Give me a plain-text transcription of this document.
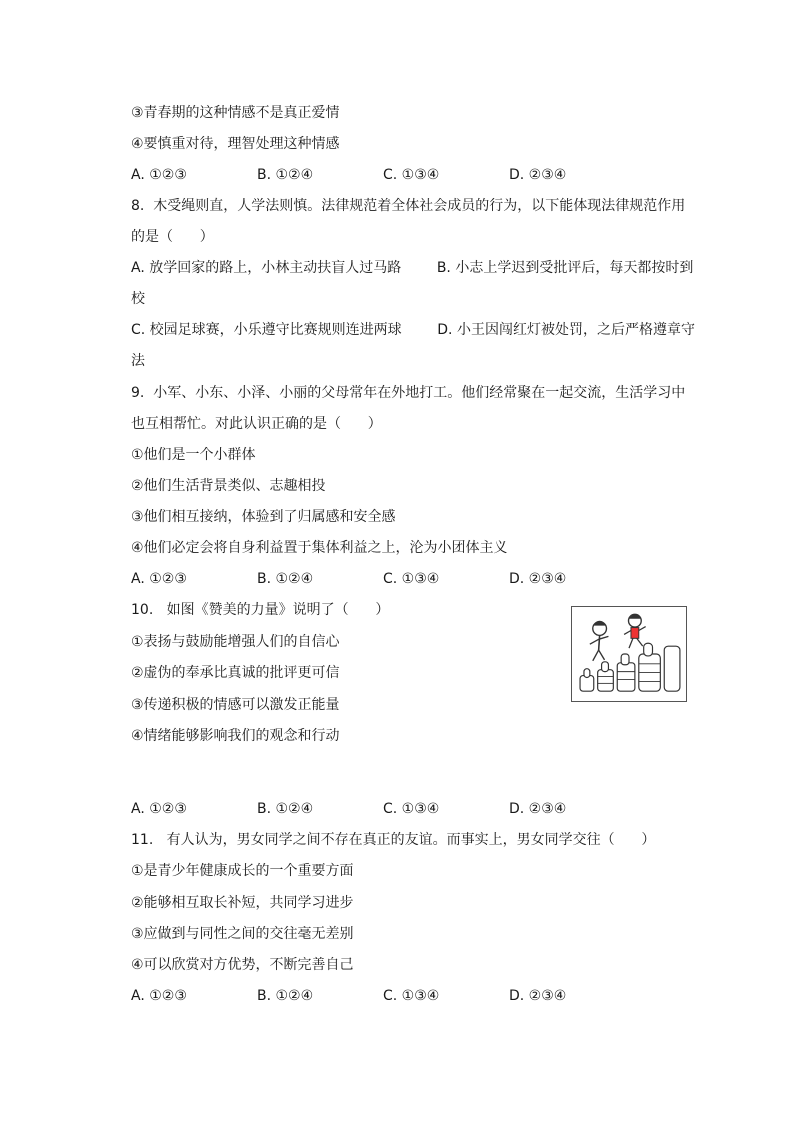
③青春期的这种情感不是真正爱情
④要慎重对待，理智处理这种情感
A. ①②③	B. ①②④	C. ①③④	D. ②③④
8.  木受绳则直，人学法则慎。法律规范着全体社会成员的行为，以下能体现法律规范作用
的是（      ）
A. 放学回家的路上，小林主动扶盲人过马路        B. 小志上学迟到受批评后，每天都按时到
校
C. 校园足球赛，小乐遵守比赛规则连进两球        D. 小王因闯红灯被处罚，之后严格遵章守
法
9.  小军、小东、小泽、小丽的父母常年在外地打工。他们经常聚在一起交流，生活学习中
也互相帮忙。对此认识正确的是（      ）
①他们是一个小群体
②他们生活背景类似、志趣相投
③他们相互接纳，体验到了归属感和安全感
④他们必定会将自身利益置于集体利益之上，沦为小团体主义
A. ①②③	B. ①②④	C. ①③④	D. ②③④
10.   如图《赞美的力量》说明了（      ）
①表扬与鼓励能增强人们的自信心
②虚伪的奉承比真诚的批评更可信
③传递积极的情感可以激发正能量
④情绪能够影响我们的观念和行动
A. ①②③	B. ①②④	C. ①③④	D. ②③④
11.   有人认为，男女同学之间不存在真正的友谊。而事实上，男女同学交往（      ）
①是青少年健康成长的一个重要方面
②能够相互取长补短，共同学习进步
③应做到与同性之间的交往毫无差别
④可以欣赏对方优势，不断完善自己
A. ①②③	B. ①②④	C. ①③④	D. ②③④
